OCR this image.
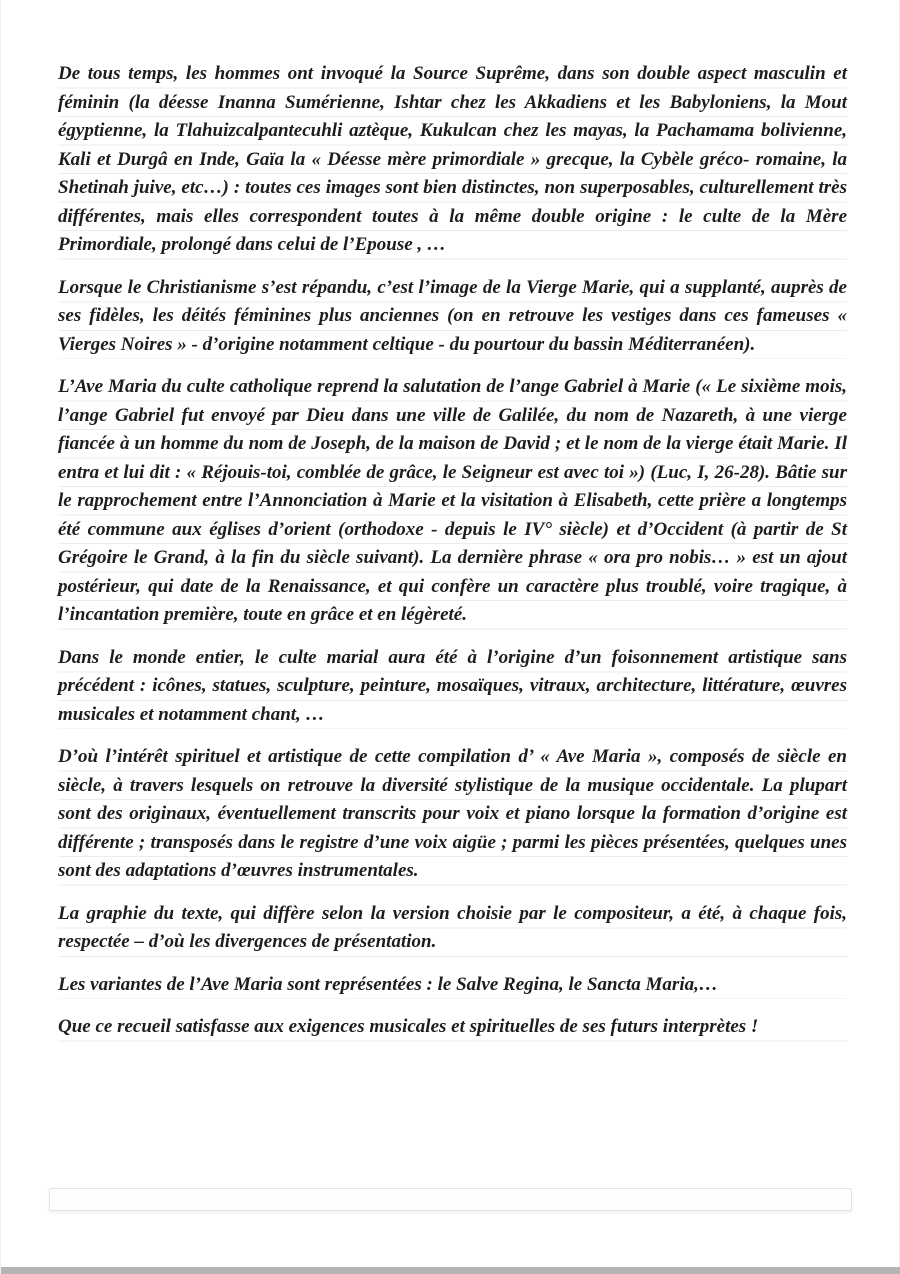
De tous temps, les hommes ont invoqué la Source Suprême, dans son double aspect masculin et féminin (la déesse Inanna Sumérienne, Ishtar chez les Akkadiens et les Babyloniens, la Mout égyptienne, la Tlahuizcalpantecuhli aztèque, Kukulcan chez les mayas, la Pachamama bolivienne, Kali et Durgâ en Inde, Gaïa la « Déesse mère primordiale » grecque, la Cybèle gréco- romaine, la Shetinah juive, etc…) : toutes ces images sont bien distinctes, non superposables, culturellement très différentes, mais elles correspondent toutes à la même double origine : le culte de la Mère Primordiale, prolongé dans celui de l’Epouse , …

Lorsque le Christianisme s’est répandu, c’est l’image de la Vierge Marie, qui a supplanté, auprès de ses fidèles, les déités féminines plus anciennes (on en retrouve les vestiges dans ces fameuses « Vierges Noires » - d’origine notamment celtique - du pourtour du bassin Méditerranéen).

L’Ave Maria du culte catholique reprend la salutation de l’ange Gabriel à Marie (« Le sixième mois, l’ange Gabriel fut envoyé par Dieu dans une ville de Galilée, du nom de Nazareth, à une vierge fiancée à un homme du nom de Joseph, de la maison de David ; et le nom de la vierge était Marie. Il entra et lui dit : « Réjouis-toi, comblée de grâce, le Seigneur est avec toi ») (Luc, I, 26-28). Bâtie sur le rapprochement entre l’Annonciation à Marie et la visitation à Elisabeth, cette prière a longtemps été commune aux églises d’orient (orthodoxe - depuis le IV° siècle) et d’Occident (à partir de St Grégoire le Grand, à la fin du siècle suivant). La dernière phrase « ora pro nobis… » est un ajout postérieur, qui date de la Renaissance, et qui confère un caractère plus troublé, voire tragique, à l’incantation première, toute en grâce et en légèreté.

Dans le monde entier, le culte marial aura été à l’origine d’un foisonnement artistique sans précédent : icônes, statues, sculpture, peinture, mosaïques, vitraux, architecture, littérature, œuvres musicales et notamment chant, …

D’où l’intérêt spirituel et artistique de cette compilation d’ « Ave Maria », composés de siècle en siècle, à travers lesquels on retrouve la diversité stylistique de la musique occidentale. La plupart sont des originaux, éventuellement transcrits pour voix et piano lorsque la formation d’origine est différente ; transposés dans le registre d’une voix aigüe ; parmi les pièces présentées, quelques unes sont des adaptations d’œuvres instrumentales.

La graphie du texte, qui diffère selon la version choisie par le compositeur, a été, à chaque fois, respectée – d’où les divergences de présentation.

Les variantes de l’Ave Maria sont représentées : le Salve Regina, le Sancta Maria,…

Que ce recueil satisfasse aux exigences musicales et spirituelles de ses futurs interprètes !
